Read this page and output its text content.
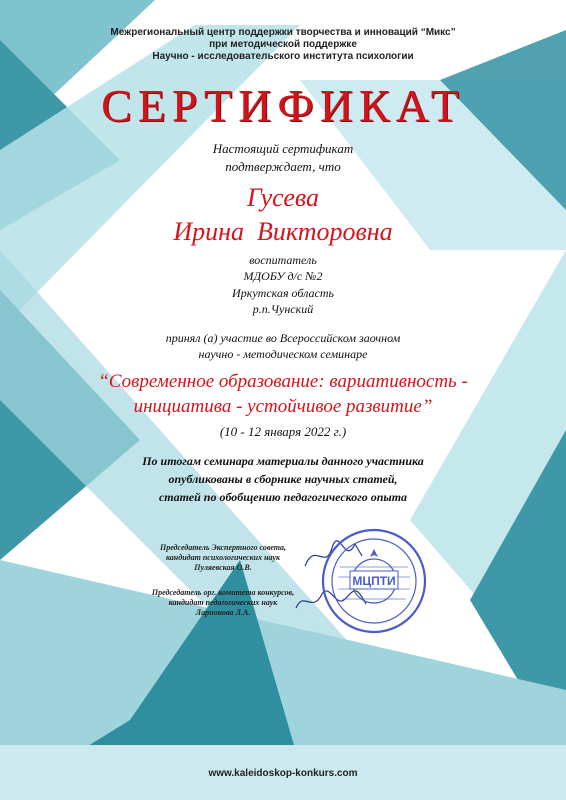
Межрегиональный центр поддержки творчества и инноваций “Микс”
при методической поддержке
Научно - исследовательского института психологии
СЕРТИФИКАТ
Настоящий сертификат
подтверждает, что
Гусева
Ирина  Викторовна
воспитатель
МДОБУ д/с №2
Иркутская область
р.п.Чунский
принял (а) участие во Всероссийском заочном
научно - методическом семинаре
“Современное образование: вариативность -
инициатива - устойчивое развитие”
(10 - 12 января 2022 г.)
По итогам семинара материалы данного участника
опубликованы в сборнике научных статей,
статей по обобщению педагогического опыта
Председатель Экспертного совета,
кандидат психологических наук
Пуляевская О.В.
Председатель орг. комитета конкурсов,
кандидат педагогических наук
Ларионова Л.А.
МЦПТИ
www.kaleidoskop-konkurs.com
